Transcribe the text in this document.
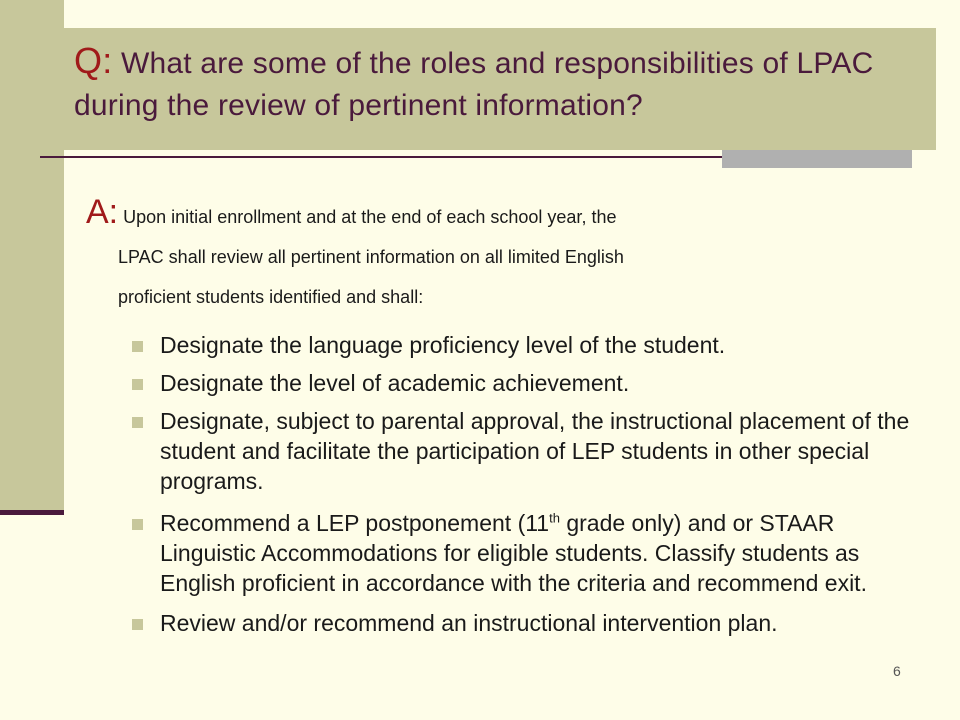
Q: What are some of the roles and responsibilities of LPAC during the review of pertinent information?
A: Upon initial enrollment and at the end of each school year, the
LPAC shall review all pertinent information on all limited English
proficient students identified and shall:
Designate the language proficiency level of the student.
Designate the level of academic achievement.
Designate, subject to parental approval, the instructional placement of the student and facilitate the participation of LEP students in other special programs.
Recommend a LEP postponement (11th grade only) and or STAAR Linguistic Accommodations for eligible students. Classify students as English proficient in accordance with the criteria and recommend exit.
Review and/or recommend an instructional intervention plan.
6
